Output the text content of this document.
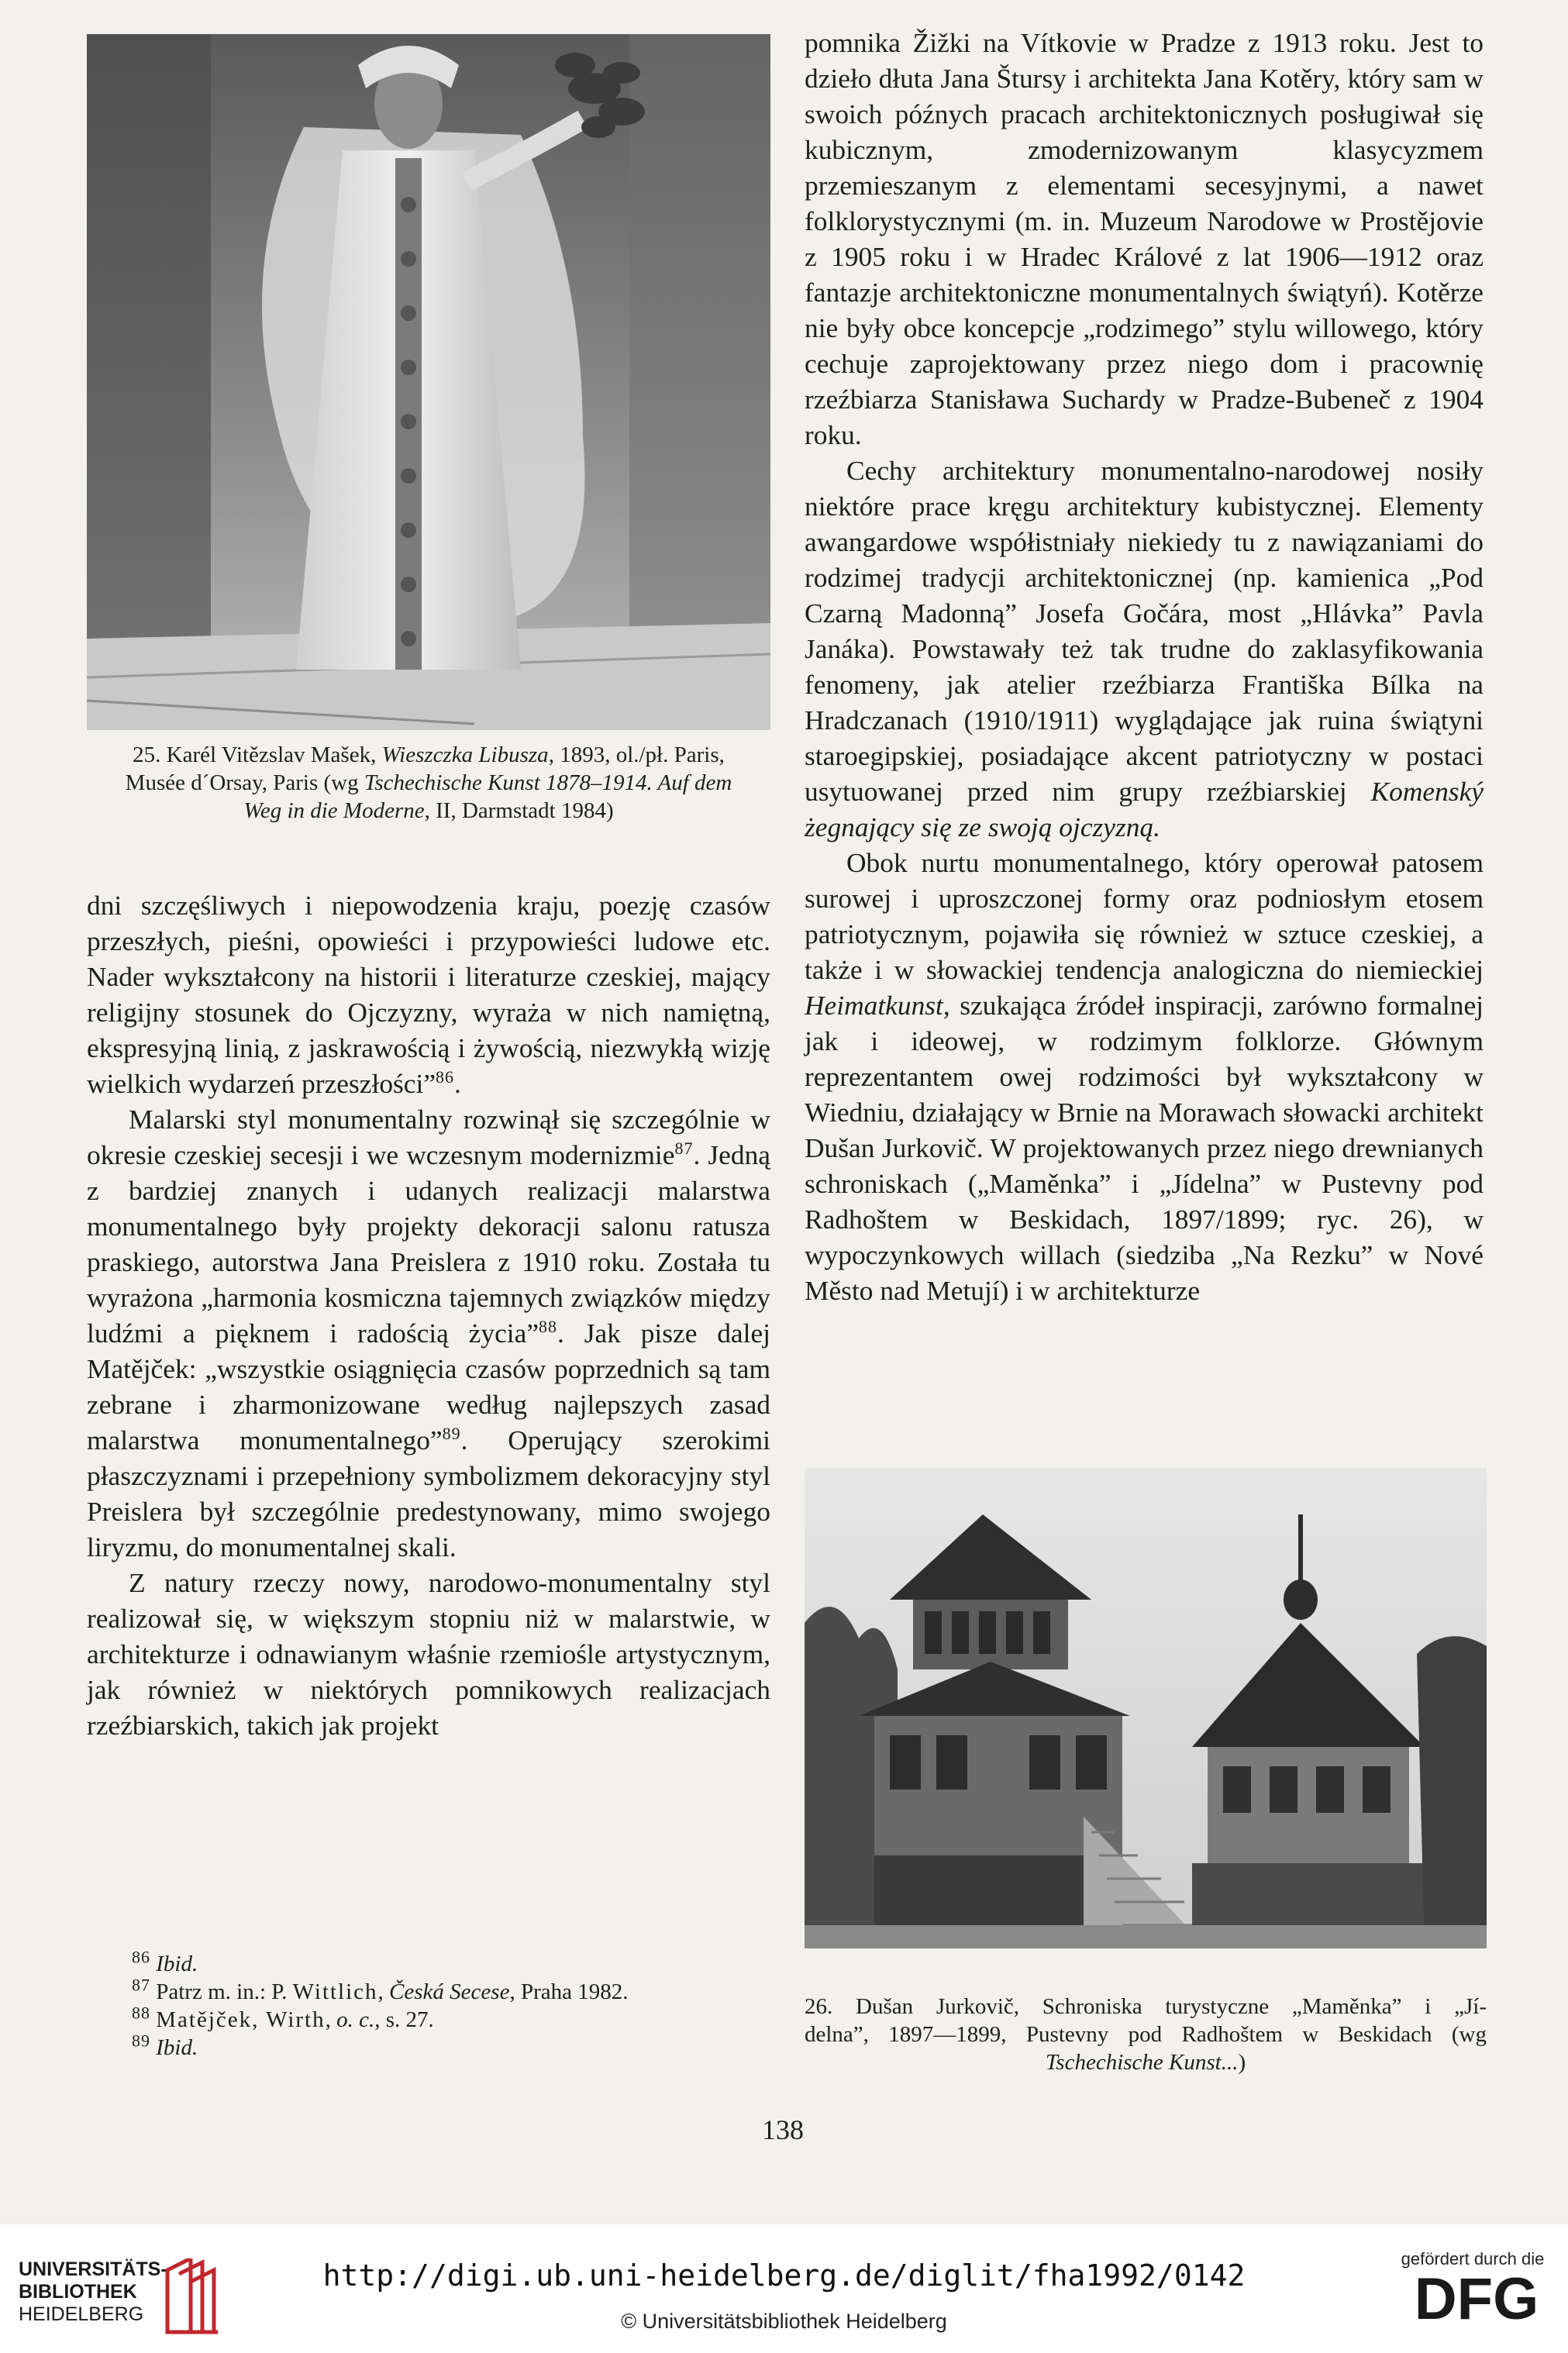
25. Karél Vitězslav Mašek, Wieszczka Libusza, 1893, ol./pł. Paris,
Musée d´Orsay, Paris (wg Tschechische Kunst 1878–1914. Auf dem
Weg in die Moderne, II, Darmstadt 1984)

dni szczęśliwych i niepowodzenia kraju, poezję czasów przeszłych, pieśni, opowieści i przypowieści ludowe etc. Nader wykształcony na historii i literaturze czeskiej, mający religijny stosunek do Ojczyzny, wyraża w nich namiętną, ekspresyjną linią, z jaskrawością i żywością, niezwykłą wizję wielkich wydarzeń przeszłości”$^{86}$.

Malarski styl monumentalny rozwinął się szczególnie w okresie czeskiej secesji i we wczesnym modernizmie$^{87}$. Jedną z bardziej znanych i udanych realizacji malarstwa monumentalnego były projekty dekoracji salonu ratusza praskiego, autorstwa Jana Preislera z 1910 roku. Została tu wyrażona „harmonia kosmiczna tajemnych związków między ludźmi a pięknem i radością życia”$^{88}$. Jak pisze dalej Matějček: „wszystkie osiągnięcia czasów poprzednich są tam zebrane i zharmonizowane według najlepszych zasad malarstwa monumentalnego”$^{89}$. Operujący szerokimi płaszczyznami i przepełniony symbolizmem dekoracyjny styl Preislera był szczególnie predestynowany, mimo swojego liryzmu, do monumentalnej skali.

Z natury rzeczy nowy, narodowo-monumentalny styl realizował się, w większym stopniu niż w malarstwie, w architekturze i odnawianym właśnie rzemiośle artystycznym, jak również w niektórych pomnikowych realizacjach rzeźbiarskich, takich jak projekt

pomnika Žižki na Vítkovie w Pradze z 1913 roku. Jest to dzieło dłuta Jana Štursy i architekta Jana Kotěry, który sam w swoich późnych pracach architektonicznych posługiwał się kubicznym, zmodernizowanym klasycyzmem przemieszanym z elementami secesyjnymi, a nawet folklorystycznymi (m. in. Muzeum Narodowe w Prostějovie z 1905 roku i w Hradec Králové z lat 1906—1912 oraz fantazje architektoniczne monumentalnych świątyń). Kotěrze nie były obce koncepcje „rodzimego” stylu willowego, który cechuje zaprojektowany przez niego dom i pracownię rzeźbiarza Stanisława Suchardy w Pradze-Bubeneč z 1904 roku.

Cechy architektury monumentalno-narodowej nosiły niektóre prace kręgu architektury kubistycznej. Elementy awangardowe współistniały niekiedy tu z nawiązaniami do rodzimej tradycji architektonicznej (np. kamienica „Pod Czarną Madonną” Josefa Gočára, most „Hlávka” Pavla Janáka). Powstawały też tak trudne do zaklasyfikowania fenomeny, jak atelier rzeźbiarza Františka Bílka na Hradczanach (1910/1911) wyglądające jak ruina świątyni staroegipskiej, posiadające akcent patriotyczny w postaci usytuowanej przed nim grupy rzeźbiarskiej Komenský żegnający się ze swoją ojczyzną.

Obok nurtu monumentalnego, który operował patosem surowej i uproszczonej formy oraz podniosłym etosem patriotycznym, pojawiła się również w sztuce czeskiej, a także i w słowackiej tendencja analogiczna do niemieckiej Heimatkunst, szukająca źródeł inspiracji, zarówno formalnej jak i ideowej, w rodzimym folklorze. Głównym reprezentantem owej rodzimości był wykształcony w Wiedniu, działający w Brnie na Morawach słowacki architekt Dušan Jurkovič. W projektowanych przez niego drewnianych schroniskach („Maměnka” i „Jídelna” w Pustevny pod Radhoštem w Beskidach, 1897/1899; ryc. 26), w wypoczynkowych willach (siedziba „Na Rezku” w Nové Město nad Metují) i w architekturze

26. Dušan Jurkovič, Schroniska turystyczne „Maměnka” i „Jí-
delna”, 1897—1899, Pustevny pod Radhoštem w Beskidach (wg
Tschechische Kunst...)
$^{86}$ Ibid.
$^{87}$ Patrz m. in.: P. Wittlich, Česká Secese, Praha 1982.
$^{88}$ Matějček, Wirth, o. c., s. 27.
$^{89}$ Ibid.
138
UNIVERSITÄTS-
BIBLIOTHEK
HEIDELBERG
http://digi.ub.uni-heidelberg.de/diglit/fha1992/0142
© Universitätsbibliothek Heidelberg
gefördert durch die
DFG
